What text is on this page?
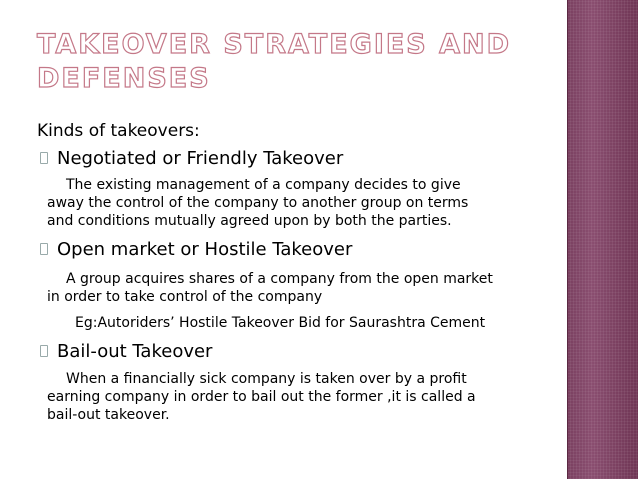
TAKEOVER STRATEGIES AND
DEFENSES
Kinds of takeovers:
Negotiated or Friendly Takeover
The existing management of a company decides to give
away the control of the company to another group on terms
and conditions mutually agreed upon by both the parties.
Open market or Hostile Takeover
A group acquires shares of a company from the open market
in order to take control of the company
Eg:Autoriders’ Hostile Takeover Bid for Saurashtra Cement
Bail-out Takeover
When a financially sick company is taken over by a profit
earning company in order to bail out the former ,it is called a
bail-out takeover.
